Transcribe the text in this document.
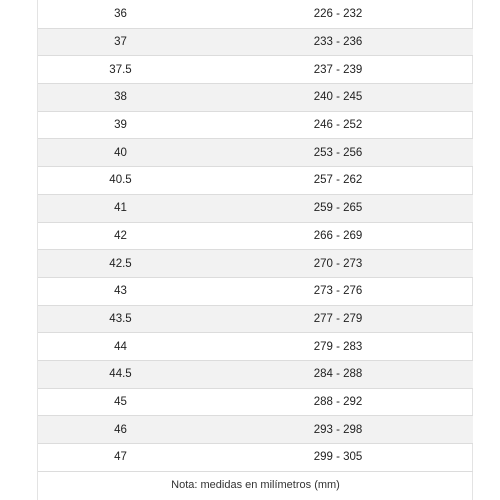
36	226 - 232
37	233 - 236
37.5	237 - 239
38	240 - 245
39	246 - 252
40	253 - 256
40.5	257 - 262
41	259 - 265
42	266 - 269
42.5	270 - 273
43	273 - 276
43.5	277 - 279
44	279 - 283
44.5	284 - 288
45	288 - 292
46	293 - 298
47	299 - 305
Nota: medidas en milímetros (mm)	
